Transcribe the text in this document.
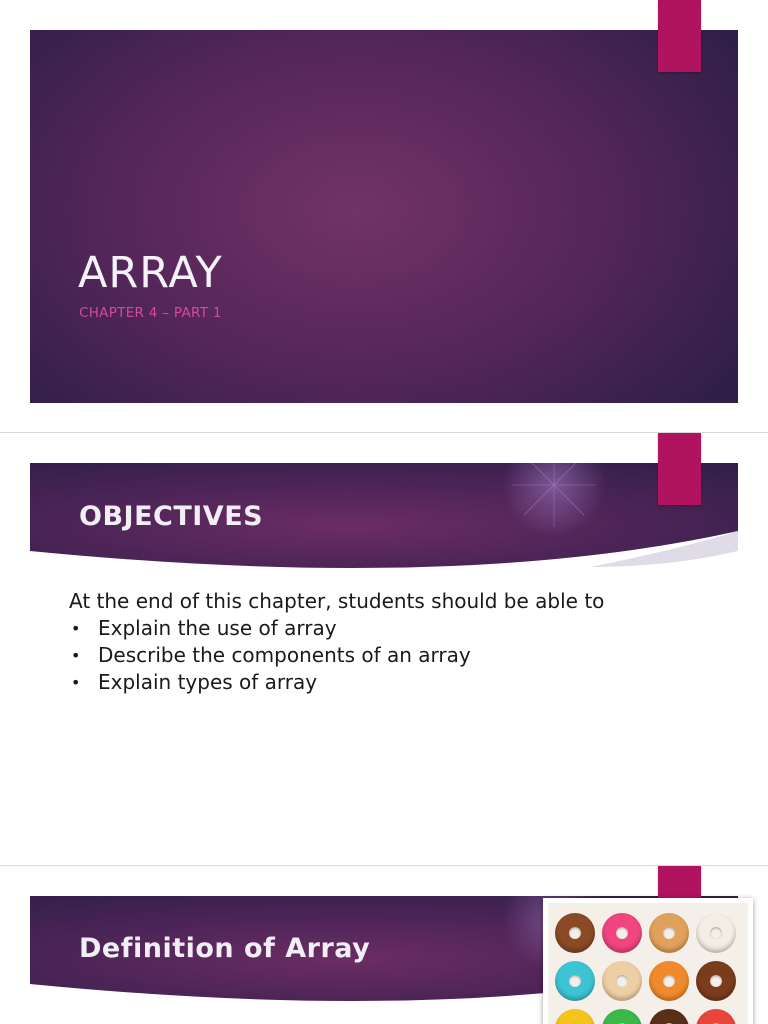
ARRAY
CHAPTER 4 – PART 1
OBJECTIVES
At the end of this chapter, students should be able to
• Explain the use of array
• Describe the components of an array
• Explain types of array
Definition of Array
